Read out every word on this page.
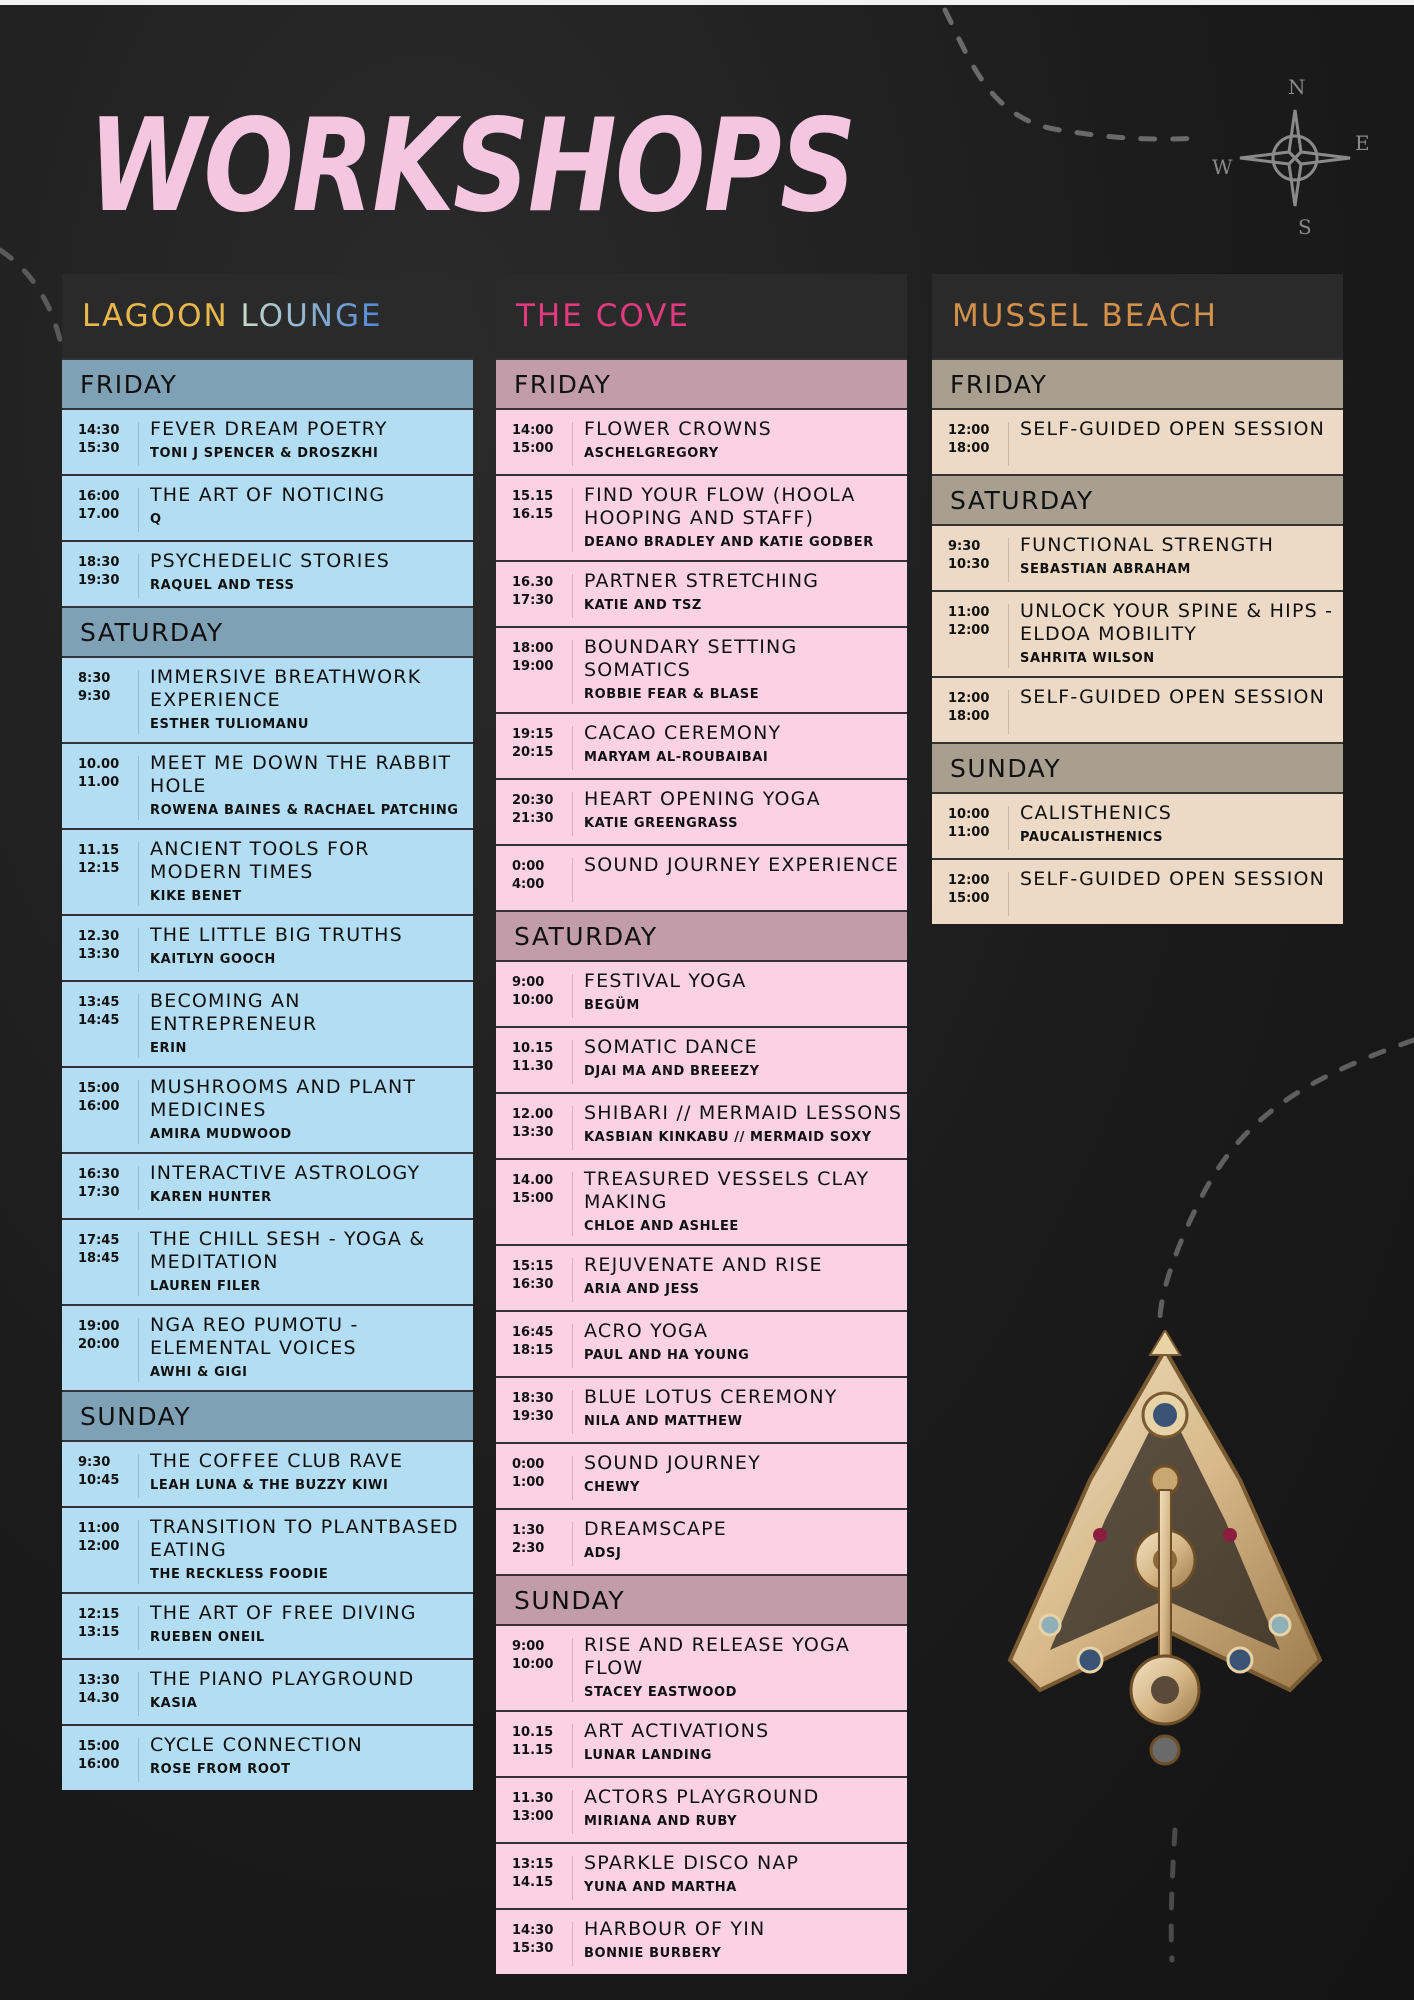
WORKSHOPS
N
E
S
W
LAGOON
LOUNGE
FRIDAY
14:30
15:30
FEVER DREAM POETRY
TONI J SPENCER & DROSZKHI
16:00
17.00
THE ART OF NOTICING
Q
18:30
19:30
PSYCHEDELIC STORIES
RAQUEL AND TESS
SATURDAY
8:30
9:30
IMMERSIVE BREATHWORK EXPERIENCE
ESTHER TULIOMANU
10.00
11.00
MEET ME DOWN THE RABBIT HOLE
ROWENA BAINES & RACHAEL PATCHING
11.15
12:15
ANCIENT TOOLS FOR MODERN TIMES
KIKE BENET
12.30
13:30
THE LITTLE BIG TRUTHS
KAITLYN GOOCH
13:45
14:45
BECOMING AN ENTREPRENEUR
ERIN
15:00
16:00
MUSHROOMS AND PLANT MEDICINES
AMIRA MUDWOOD
16:30
17:30
INTERACTIVE ASTROLOGY
KAREN HUNTER
17:45
18:45
THE CHILL SESH - YOGA & MEDITATION
LAUREN FILER
19:00
20:00
NGA REO PUMOTU - ELEMENTAL VOICES
AWHI & GIGI
SUNDAY
9:30
10:45
THE COFFEE CLUB RAVE
LEAH LUNA & THE BUZZY KIWI
11:00
12:00
TRANSITION TO PLANTBASED EATING
THE RECKLESS FOODIE
12:15
13:15
THE ART OF FREE DIVING
RUEBEN ONEIL
13:30
14.30
THE PIANO PLAYGROUND
KASIA
15:00
16:00
CYCLE CONNECTION
ROSE FROM ROOT
THE COVE
FRIDAY
14:00
15:00
FLOWER CROWNS
ASCHELGREGORY
15.15
16.15
FIND YOUR FLOW (HOOLA HOOPING AND STAFF)
DEANO BRADLEY AND KATIE GODBER
16.30
17:30
PARTNER STRETCHING
KATIE AND TSZ
18:00
19:00
BOUNDARY SETTING SOMATICS
ROBBIE FEAR & BLASE
19:15
20:15
CACAO CEREMONY
MARYAM AL-ROUBAIBAI
20:30
21:30
HEART OPENING YOGA
KATIE GREENGRASS
0:00
4:00
SOUND JOURNEY EXPERIENCE
SATURDAY
9:00
10:00
FESTIVAL YOGA
BEGÜM
10.15
11.30
SOMATIC DANCE
DJAI MA AND BREEEZY
12.00
13:30
SHIBARI // MERMAID LESSONS
KASBIAN KINKABU // MERMAID SOXY
14.00
15:00
TREASURED VESSELS CLAY MAKING
CHLOE AND ASHLEE
15:15
16:30
REJUVENATE AND RISE
ARIA AND JESS
16:45
18:15
ACRO YOGA
PAUL AND HA YOUNG
18:30
19:30
BLUE LOTUS CEREMONY
NILA AND MATTHEW
0:00
1:00
SOUND JOURNEY
CHEWY
1:30
2:30
DREAMSCAPE
ADSJ
SUNDAY
9:00
10:00
RISE AND RELEASE YOGA FLOW
STACEY EASTWOOD
10.15
11.15
ART ACTIVATIONS
LUNAR LANDING
11.30
13:00
ACTORS PLAYGROUND
MIRIANA AND RUBY
13:15
14.15
SPARKLE DISCO NAP
YUNA AND MARTHA
14:30
15:30
HARBOUR OF YIN
BONNIE BURBERY
MUSSEL BEACH
FRIDAY
12:00
18:00
SELF-GUIDED OPEN SESSION
SATURDAY
9:30
10:30
FUNCTIONAL STRENGTH
SEBASTIAN ABRAHAM
11:00
12:00
UNLOCK YOUR SPINE & HIPS - ELDOA MOBILITY
SAHRITA WILSON
12:00
18:00
SELF-GUIDED OPEN SESSION
SUNDAY
10:00
11:00
CALISTHENICS
PAUCALISTHENICS
12:00
15:00
SELF-GUIDED OPEN SESSION
